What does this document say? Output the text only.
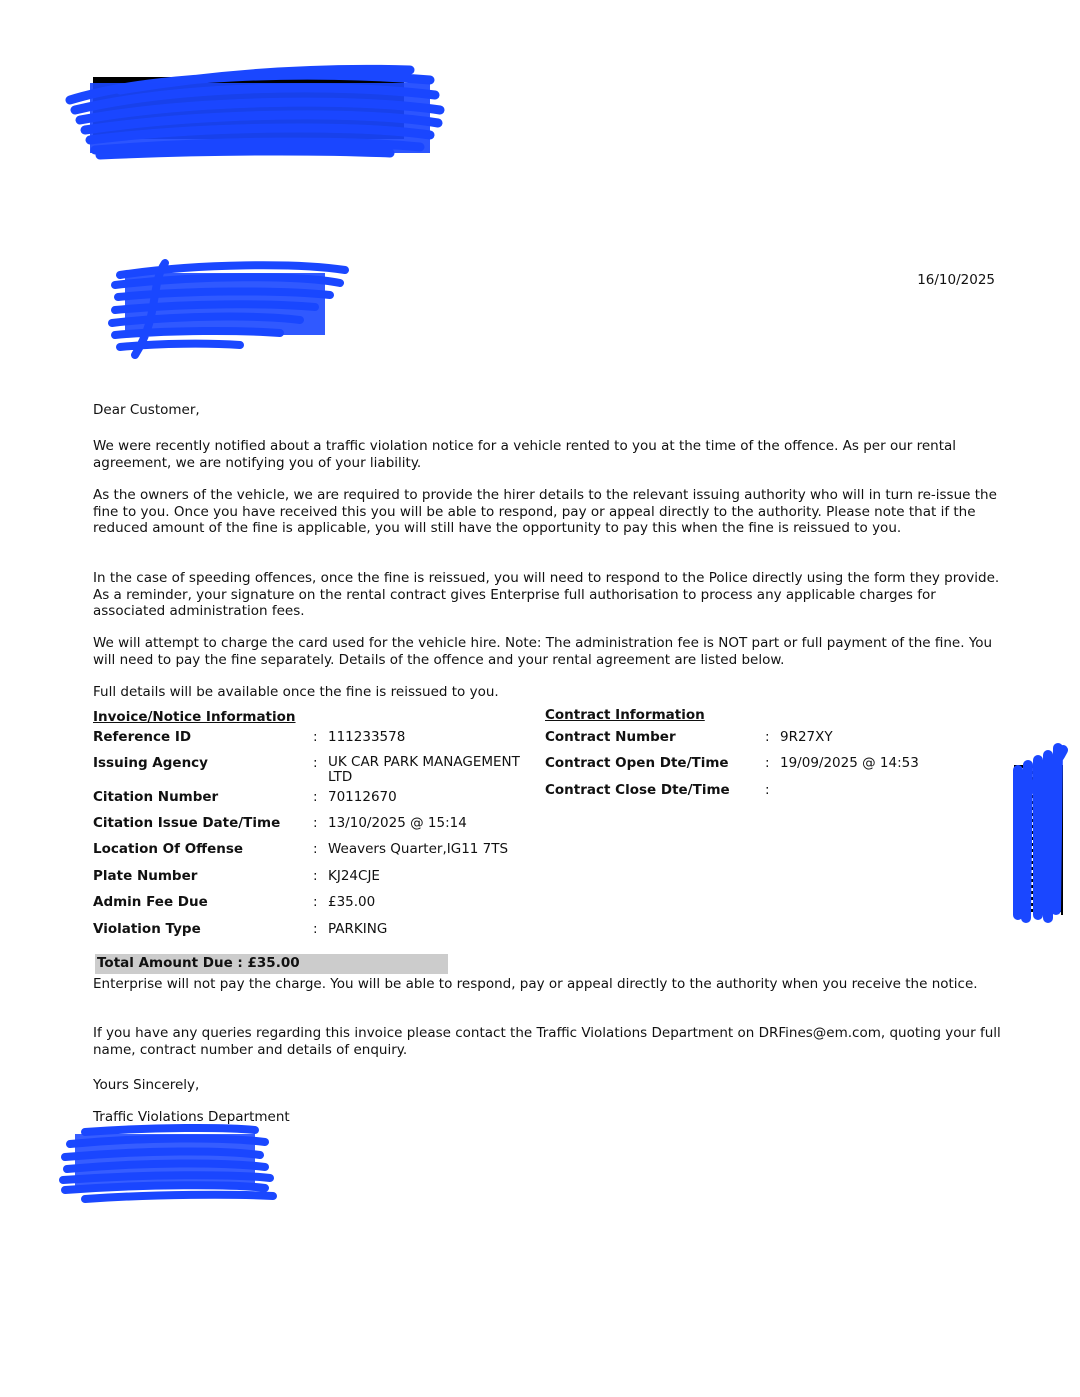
16/10/2025

Dear Customer,

We were recently notified about a traffic violation notice for a vehicle rented to you at the time of the offence. As per our rental agreement, we are notifying you of your liability.

As the owners of the vehicle, we are required to provide the hirer details to the relevant issuing authority who will in turn re-issue the fine to you. Once you have received this you will be able to respond, pay or appeal directly to the authority. Please note that if the reduced amount of the fine is applicable, you will still have the opportunity to pay this when the fine is reissued to you.

In the case of speeding offences, once the fine is reissued, you will need to respond to the Police directly using the form they provide. As a reminder, your signature on the rental contract gives Enterprise full authorisation to process any applicable charges for associated administration fees.

We will attempt to charge the card used for the vehicle hire. Note: The administration fee is NOT part or full payment of the fine. You will need to pay the fine separately. Details of the offence and your rental agreement are listed below.

Full details will be available once the fine is reissued to you.

Invoice/Notice Information
Reference ID	: 111233578
Issuing Agency	: UK CAR PARK MANAGEMENT LTD
Citation Number	: 70112670
Citation Issue Date/Time : 13/10/2025 @ 15:14
Location Of Offense	: Weavers Quarter,IG11 7TS
Plate Number	: KJ24CJE
Admin Fee Due	: £35.00
Violation Type	: PARKING
Contract Information
Contract Number	: 9R27XY
Contract Open Dte/Time	: 19/09/2025 @ 14:53
Contract Close Dte/Time	:
Total Amount Due : £35.00

Enterprise will not pay the charge. You will be able to respond, pay or appeal directly to the authority when you receive the notice.

If you have any queries regarding this invoice please contact the Traffic Violations Department on DRFines@em.com, quoting your full name, contract number and details of enquiry.

Yours Sincerely,

Traffic Violations Department
